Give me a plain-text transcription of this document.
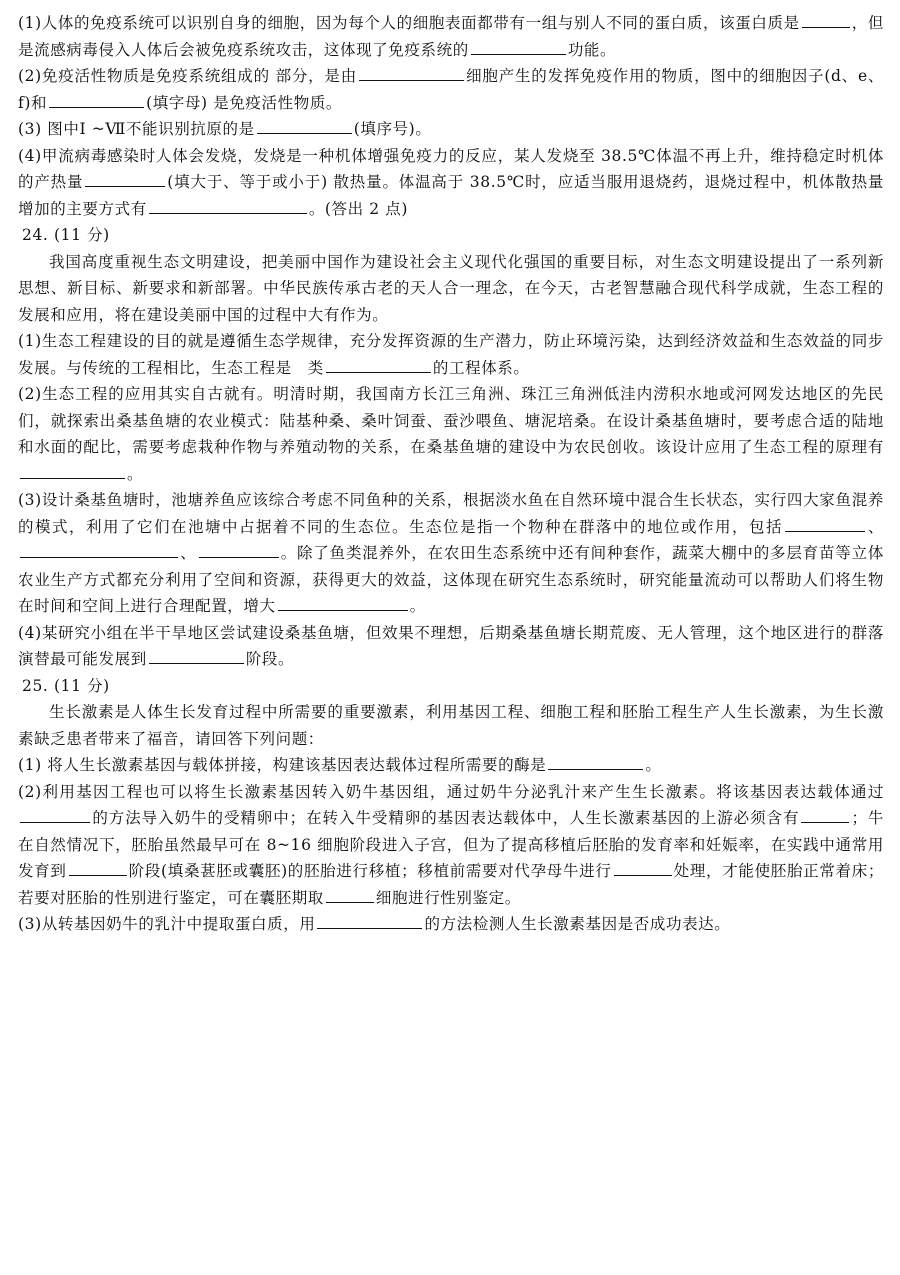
(1)人体的免疫系统可以识别自身的细胞，因为每个人的细胞表面都带有一组与别人不同的蛋白质，该蛋白质是	，但是流感病毒侵入人体后会被免疫系统攻击，这体现了免疫系统的	功能。

(2)免疫活性物质是免疫系统组成的 部分，是由	细胞产生的发挥免疫作用的物质，图中的细胞因子(d、e、f)和	(填字母) 是免疫活性物质。

(3) 图中Ⅰ ~Ⅶ不能识别抗原的是	(填序号)。

(4)甲流病毒感染时人体会发烧，发烧是一种机体增强免疫力的反应，某人发烧至 38.5℃体温不再上升，维持稳定时机体的产热量	(填大于、等于或小于) 散热量。体温高于 38.5℃时，应适当服用退烧药，退烧过程中，机体散热量增加的主要方式有	。(答出 2 点)

24. (11 分)

我国高度重视生态文明建设，把美丽中国作为建设社会主义现代化强国的重要目标，对生态文明建设提出了一系列新思想、新目标、新要求和新部署。中华民族传承古老的天人合一理念，在今天，古老智慧融合现代科学成就，生态工程的发展和应用，将在建设美丽中国的过程中大有作为。

(1)生态工程建设的目的就是遵循生态学规律，充分发挥资源的生产潜力，防止环境污染，达到经济效益和生态效益的同步发展。与传统的工程相比，生态工程是　类	的工程体系。

(2)生态工程的应用其实自古就有。明清时期，我国南方长江三角洲、珠江三角洲低洼内涝积水地或河网发达地区的先民们，就探索出桑基鱼塘的农业模式：陆基种桑、桑叶饲蚕、蚕沙喂鱼、塘泥培桑。在设计桑基鱼塘时，要考虑合适的陆地和水面的配比，需要考虑栽种作物与养殖动物的关系，在桑基鱼塘的建设中为农民创收。该设计应用了生态工程的原理有。

(3)设计桑基鱼塘时，池塘养鱼应该综合考虑不同鱼种的关系，根据淡水鱼在自然环境中混合生长状态，实行四大家鱼混养的模式，利用了它们在池塘中占据着不同的生态位。生态位是指一个物种在群落中的地位或作用，包括	、、	。除了鱼类混养外，在农田生态系统中还有间种套作，蔬菜大棚中的多层育苗等立体农业生产方式都充分利用了空间和资源，获得更大的效益，这体现在研究生态系统时，研究能量流动可以帮助人们将生物在时间和空间上进行合理配置，增大	。

(4)某研究小组在半干旱地区尝试建设桑基鱼塘，但效果不理想，后期桑基鱼塘长期荒废、无人管理，这个地区进行的群落演替最可能发展到	阶段。

25. (11 分)

生长激素是人体生长发育过程中所需要的重要激素，利用基因工程、细胞工程和胚胎工程生产人生长激素，为生长激素缺乏患者带来了福音，请回答下列问题：

(1) 将人生长激素基因与载体拼接，构建该基因表达载体过程所需要的酶是	。

(2)利用基因工程也可以将生长激素基因转入奶牛基因组，通过奶牛分泌乳汁来产生生长激素。将该基因表达载体通过的方法导入奶牛的受精卵中；在转入牛受精卵的基因表达载体中，人生长激素基因的上游必须含有	；牛在自然情况下，胚胎虽然最早可在 8~16 细胞阶段进入子宫，但为了提高移植后胚胎的发育率和妊娠率，在实践中通常用发育到	阶段(填桑葚胚或囊胚)的胚胎进行移植；移植前需要对代孕母牛进行	处理，才能使胚胎正常着床；若要对胚胎的性别进行鉴定，可在囊胚期取	细胞进行性别鉴定。

(3)从转基因奶牛的乳汁中提取蛋白质，用	的方法检测人生长激素基因是否成功表达。
